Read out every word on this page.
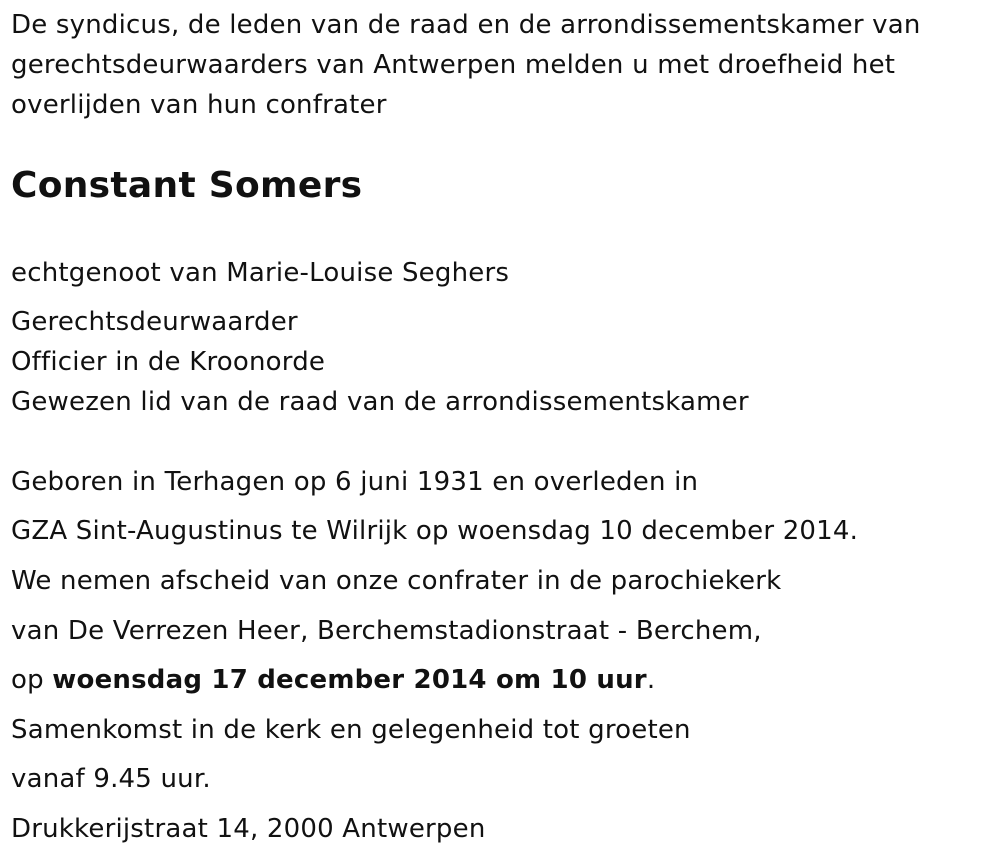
De syndicus, de leden van de raad en de arrondissementskamer van
gerechtsdeurwaarders van Antwerpen melden u met droefheid het
overlijden van hun confrater
Constant Somers
echtgenoot van Marie-Louise Seghers
Gerechtsdeurwaarder
Officier in de Kroonorde
Gewezen lid van de raad van de arrondissementskamer
Geboren in Terhagen op 6 juni 1931 en overleden in
GZA Sint-Augustinus te Wilrijk op woensdag 10 december 2014.
We nemen afscheid van onze confrater in de parochiekerk
van De Verrezen Heer, Berchemstadionstraat - Berchem,
op woensdag 17 december 2014 om 10 uur.
Samenkomst in de kerk en gelegenheid tot groeten
vanaf 9.45 uur.
Drukkerijstraat 14, 2000 Antwerpen
